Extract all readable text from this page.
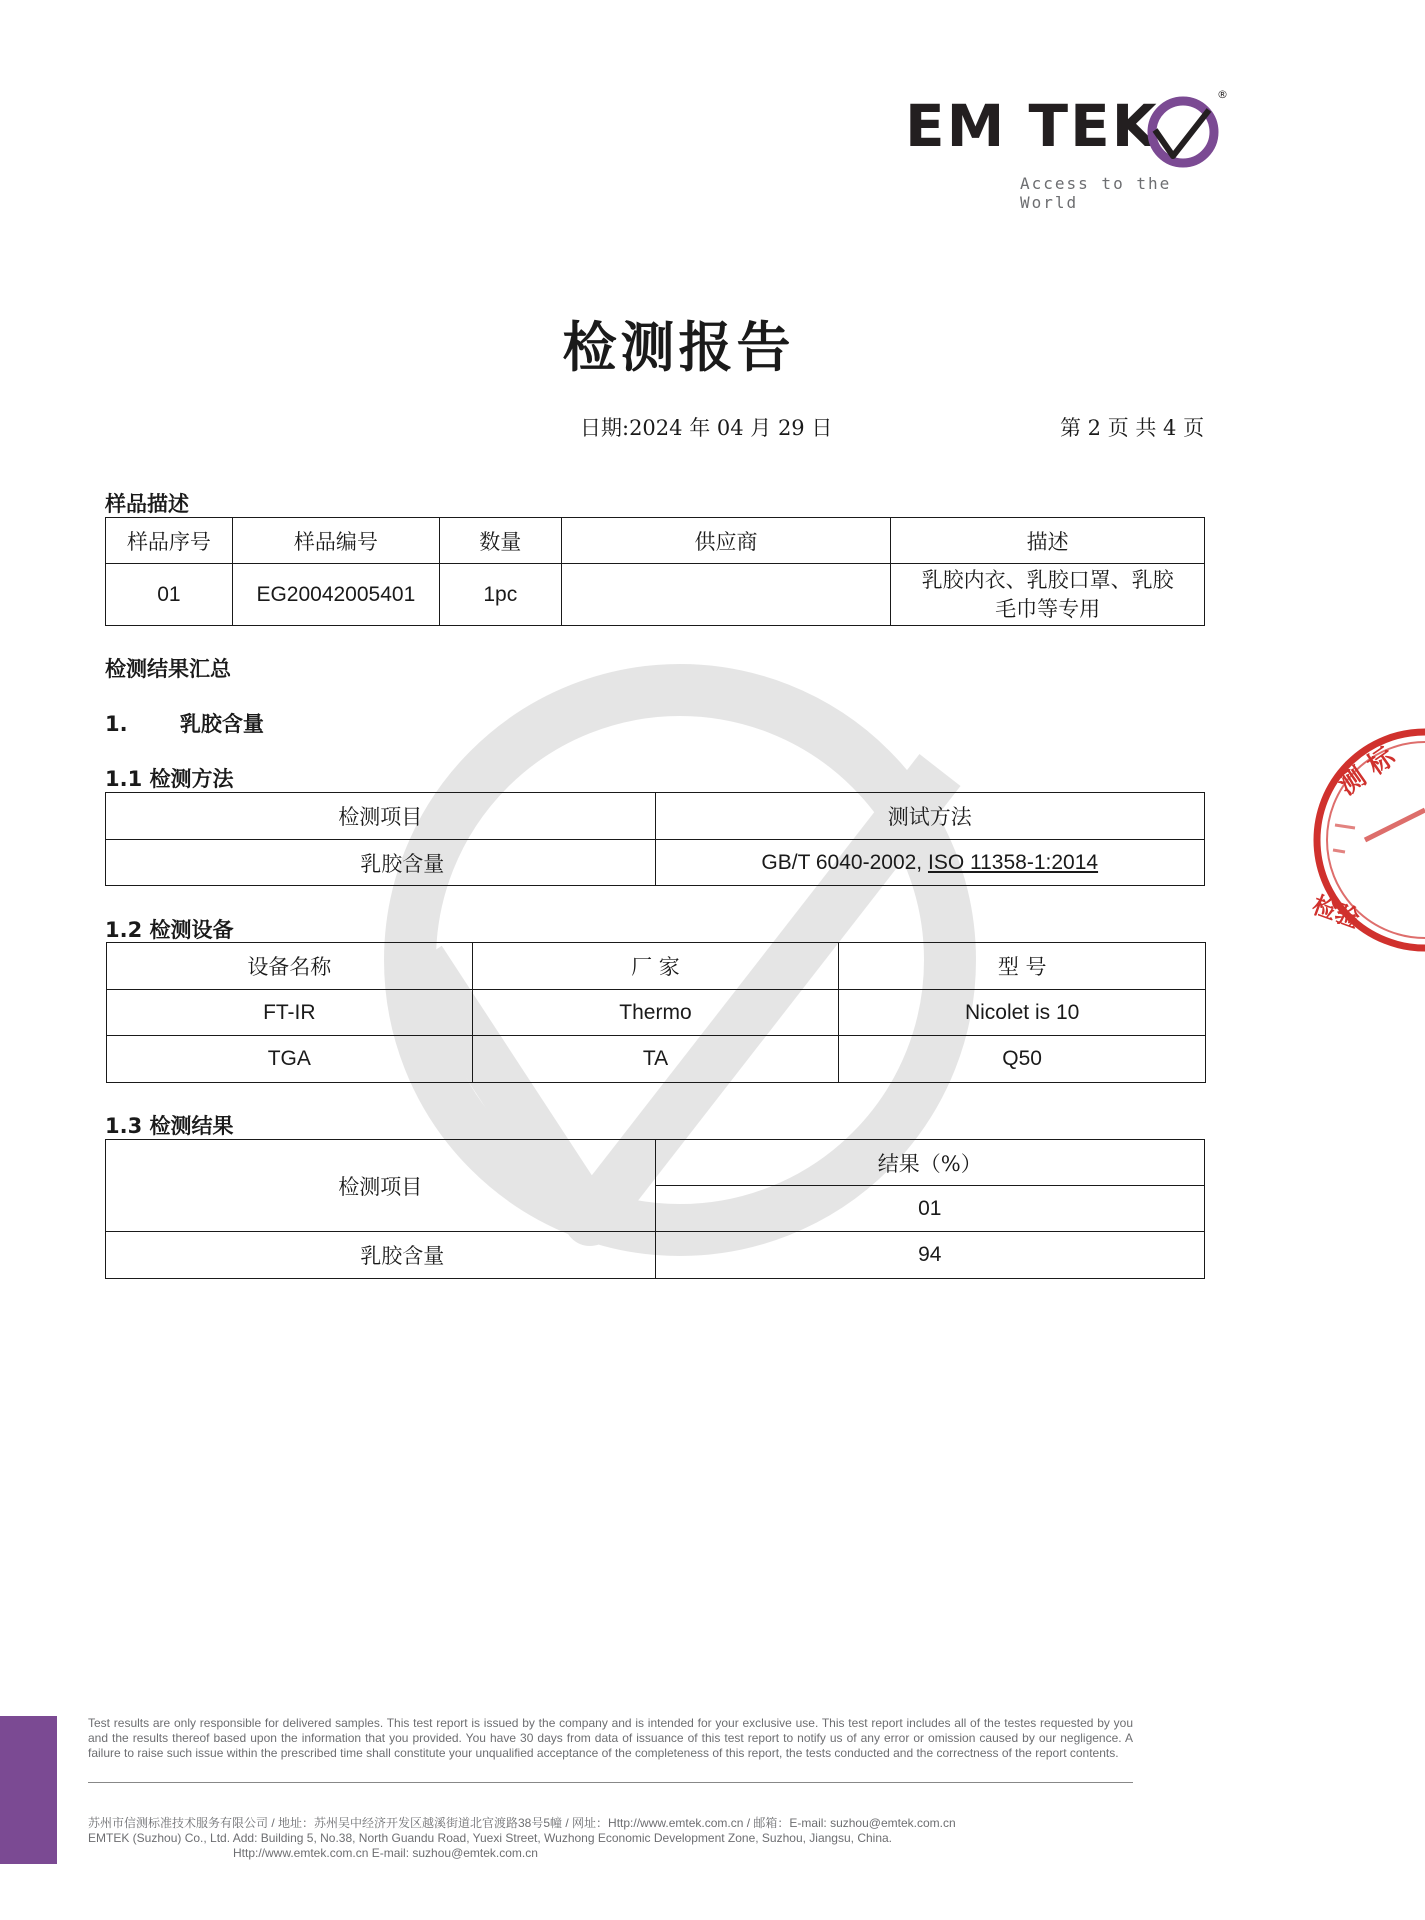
EM TEK	®
Access to the World
检测报告
日期:2024 年 04 月 29 日	第 2 页 共 4 页
样品描述
样品序号	样品编号	数量	供应商	描述
01	EG20042005401	1pc		乳胶内衣、乳胶口罩、乳胶
毛巾等专用
检测结果汇总
1. 乳胶含量
1.1 检测方法
检测项目	测试方法
乳胶含量	GB/T 6040-2002, ISO 11358-1:2014
1.2 检测设备
设备名称	厂 家	型 号
FT-IR	Thermo	Nicolet is 10
TGA	TA	Q50
1.3 检测结果
检测项目	结果（%）
	01
乳胶含量	94
测 标
检验
Test results are only responsible for delivered samples. This test report is issued by the company and is intended for your exclusive use. This test report includes all of the testes requested by you and the results thereof based upon the information that you provided. You have 30 days from data of issuance of this test report to notify us of any error or omission caused by our negligence. A failure to raise such issue within the prescribed time shall constitute your unqualified acceptance of the completeness of this report, the tests conducted and the correctness of the report contents.
苏州市信测标准技术服务有限公司 / 地址：苏州吴中经济开发区越溪街道北官渡路38号5幢 / 网址：Http://www.emtek.com.cn / 邮箱：E-mail: suzhou@emtek.com.cn
EMTEK (Suzhou) Co., Ltd. Add: Building 5, No.38, North Guandu Road, Yuexi Street, Wuzhong Economic Development Zone, Suzhou, Jiangsu, China.
Http://www.emtek.com.cn E-mail: suzhou@emtek.com.cn
